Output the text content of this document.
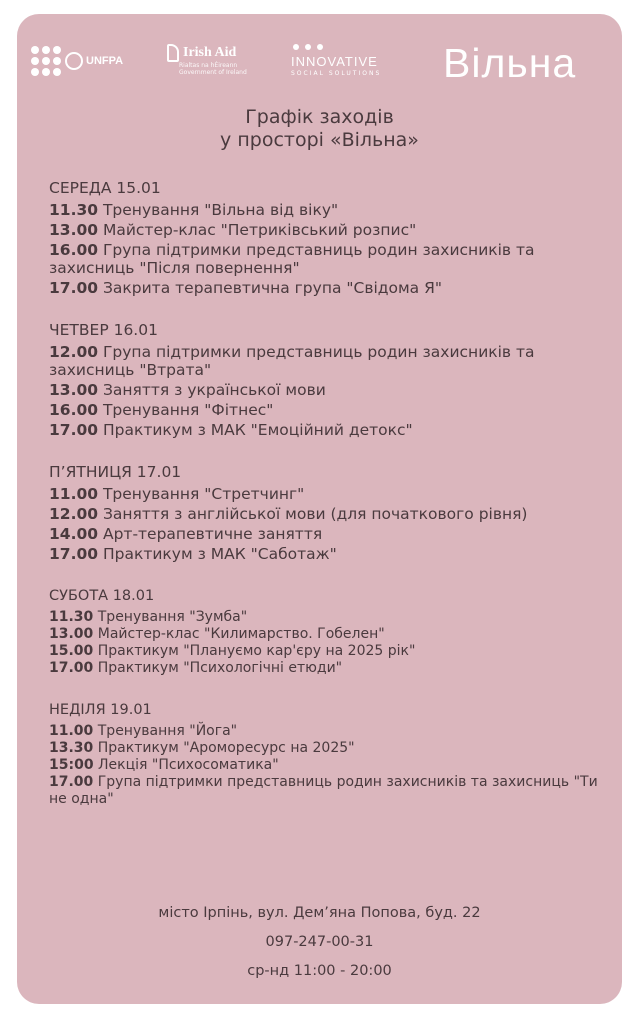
UNFPA
Irish Aid
Rialtas na hÉireann
Government of Ireland
INNOVATIVE
SOCIAL SOLUTIONS Вільна
Графік заходів
у просторі «Вільна»
СЕРЕДА 15.01
11.30 Тренування "Вільна від віку"
13.00 Майстер-клас "Петриківський розпис"
16.00 Група підтримки представниць родин захисників та захисниць "Після повернення"
17.00 Закрита терапевтична група "Свідома Я"
ЧЕТВЕР 16.01
12.00 Група підтримки представниць родин захисників та захисниць "Втрата"
13.00 Заняття з української мови
16.00 Тренування "Фітнес"
17.00 Практикум з МАК "Емоційний детокс"
П’ЯТНИЦЯ 17.01
11.00 Тренування "Стретчинг"
12.00 Заняття з англійської мови (для початкового рівня)
14.00 Арт-терапевтичне заняття
17.00 Практикум з МАК "Саботаж"
СУБОТА 18.01
11.30 Тренування "Зумба"
13.00 Майстер-клас "Килимарство. Гобелен"
15.00 Практикум "Плануємо кар'єру на 2025 рік"
17.00 Практикум "Психологічні етюди"
НЕДІЛЯ 19.01
11.00 Тренування "Йога"
13.30 Практикум "Ароморесурс на 2025"
15:00 Лекція "Психосоматика"
17.00 Група підтримки представниць родин захисників та захисниць "Ти не одна"
місто Ірпінь, вул. Дем’яна Попова, буд. 22
097-247-00-31
ср-нд 11:00 - 20:00
